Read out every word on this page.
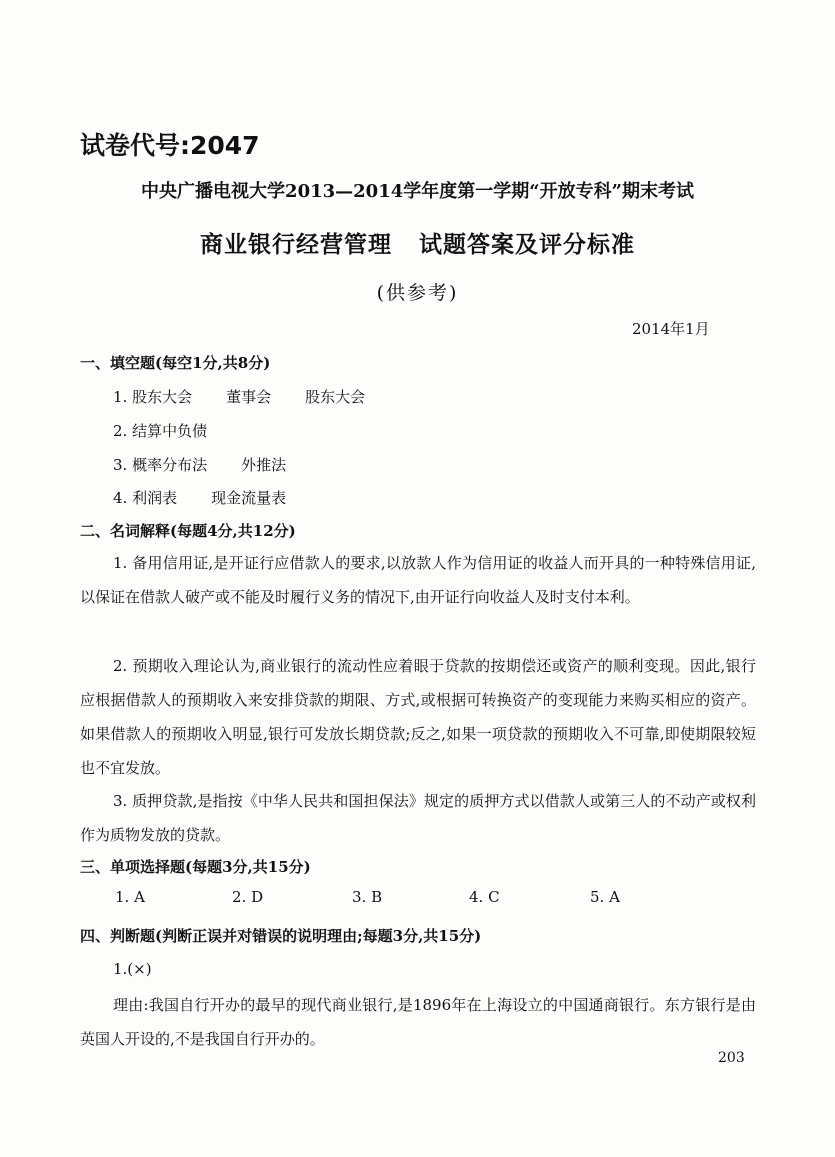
试卷代号:2047
中央广播电视大学2013—2014学年度第一学期“开放专科”期末考试
商业银行经营管理   试题答案及评分标准
(供参考)
2014年1月
一、填空题(每空1分,共8分)
1. 股东大会 董事会 股东大会
2. 结算中负债
3. 概率分布法 外推法
4. 利润表 现金流量表
二、名词解释(每题4分,共12分)
1. 备用信用证,是开证行应借款人的要求,以放款人作为信用证的收益人而开具的一种特殊信用证,以保证在借款人破产或不能及时履行义务的情况下,由开证行向收益人及时支付本利。
2. 预期收入理论认为,商业银行的流动性应着眼于贷款的按期偿还或资产的顺利变现。因此,银行应根据借款人的预期收入来安排贷款的期限、方式,或根据可转换资产的变现能力来购买相应的资产。如果借款人的预期收入明显,银行可发放长期贷款;反之,如果一项贷款的预期收入不可靠,即使期限较短也不宜发放。
3. 质押贷款,是指按《中华人民共和国担保法》规定的质押方式以借款人或第三人的不动产或权利作为质物发放的贷款。
三、单项选择题(每题3分,共15分)
1. A	2. D	3. B	4. C	5. A
四、判断题(判断正误并对错误的说明理由;每题3分,共15分)
1.(×)
理由:我国自行开办的最早的现代商业银行,是1896年在上海设立的中国通商银行。东方银行是由英国人开设的,不是我国自行开办的。
203
